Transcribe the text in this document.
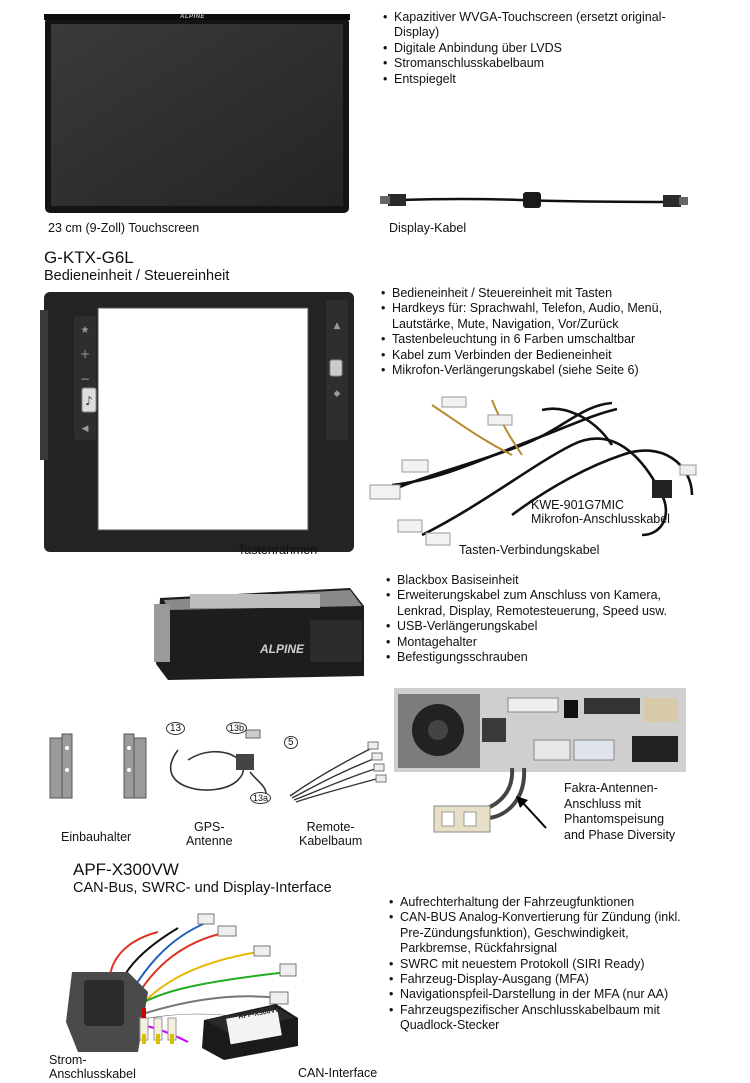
ALPINE
•	Kapazitiver WVGA-Touchscreen (ersetzt original-Display)
• Digitale Anbindung über LVDS
• Stromanschlusskabelbaum
• Entspiegelt
23 cm (9-Zoll) Touchscreen	Display-Kabel
G-KTX-G6L
Bedieneinheit / Steuereinheit
♪
★
+
−
◀
▲
◆
• Bedieneinheit / Steuereinheit mit Tasten
• Hardkeys für: Sprachwahl, Telefon, Audio, Menü, Lautstärke, Mute, Navigation, Vor/Zurück
• Tastenbeleuchtung in 6 Farben umschaltbar
• Kabel zum Verbinden der Bedieneinheit
• Mikrofon-Verlängerungskabel (siehe Seite 6)
Tastenrahmen	Tasten-Verbindungskabel
KWE-901G7MIC
Mikrofon-Anschlusskabel
ALPINE
• Blackbox Basiseinheit
• Erweiterungskabel zum Anschluss von Kamera, Lenkrad, Display, Remotesteuerung, Speed usw.
• USB-Verlängerungskabel
• Montagehalter
• Befestigungsschrauben
Fakra-Antennen-
Anschluss mit
Phantomspeisung
and Phase Diversity
13	13b
13a
5
Einbauhalter
GPS-
Antenne
Remote-
Kabelbaum
APF-X300VW
CAN-Bus, SWRC- und Display-Interface
• Aufrechterhaltung der Fahrzeugfunktionen
• CAN-BUS Analog-Konvertierung für Zündung (inkl. Pre-Zündungsfunktion), Geschwindigkeit, Parkbremse, Rückfahrsignal
• SWRC mit neuestem Protokoll (SIRI Ready)
• Fahrzeug-Display-Ausgang (MFA)
• Navigationspfeil-Darstellung in der MFA (nur AA)
• Fahrzeugspezifischer Anschlusskabelbaum mit Quadlock-Stecker
APF-X300VW
Strom-
Anschlusskabel	CAN-Interface
